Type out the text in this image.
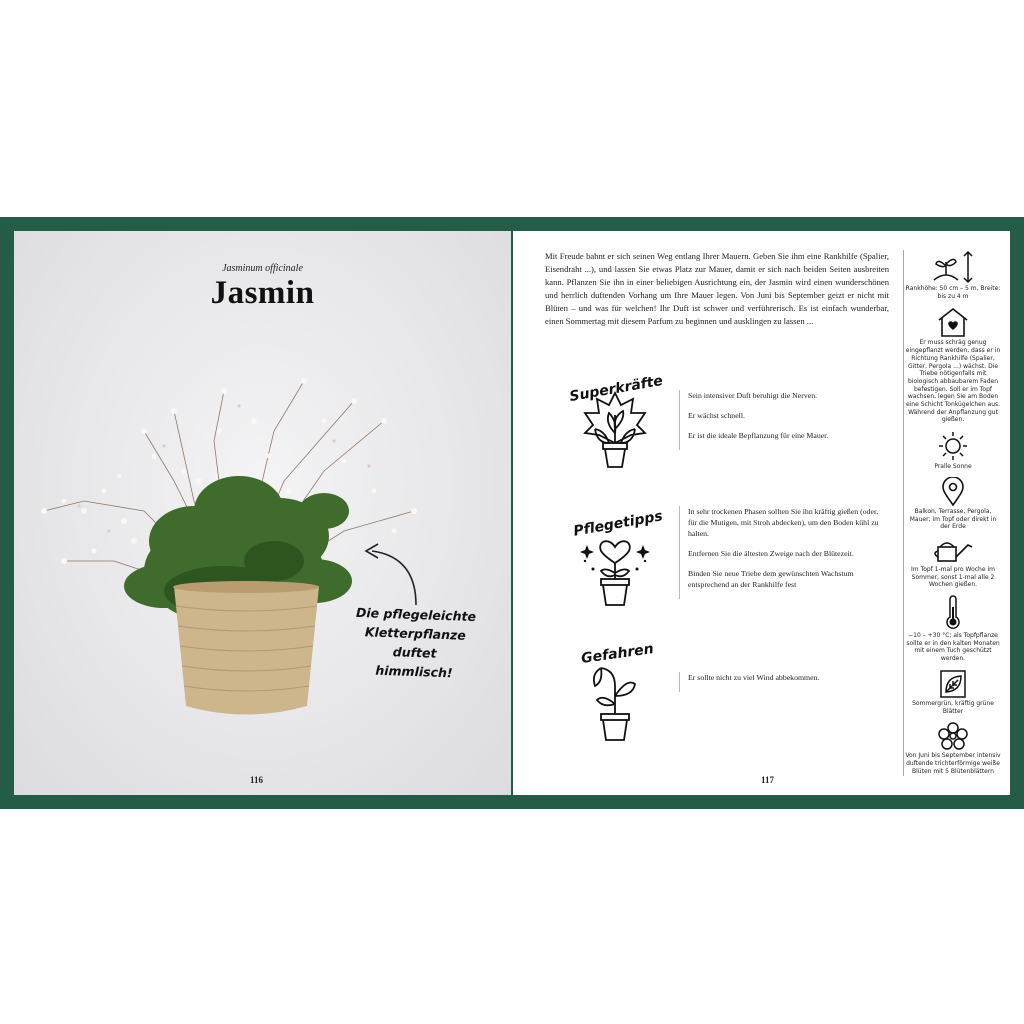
Jasminum officinale
Jasmin
Die pflegeleichte
Kletterpflanze duftet
himmlisch!
116
Mit Freude bahnt er sich seinen Weg entlang Ihrer Mauern. Geben Sie ihm eine Rankhilfe (Spalier, Eisendraht ...), und lassen Sie etwas Platz zur Mauer, damit er sich nach beiden Seiten ausbreiten kann. Pflanzen Sie ihn in einer beliebigen Ausrichtung ein, der Jasmin wird einen wunderschönen und herrlich duftenden Vorhang um Ihre Mauer legen. Von Juni bis September geizt er nicht mit Blüten – und was für welchen! Ihr Duft ist schwer und verführerisch. Es ist einfach wunderbar, einen Sommertag mit diesem Parfum zu beginnen und ausklingen zu lassen ...
Superkräfte	Sein intensiver Duft beruhigt die Nerven.

Er wächst schnell.

Er ist die ideale Bepflanzung für eine Mauer.

Pflegetipps	In sehr trockenen Phasen sollten Sie ihn kräftig gießen (oder, für die Mutigen, mit Stroh abdecken), um den Boden kühl zu halten.

Entfernen Sie die ältesten Zweige nach der Blütezeit.

Binden Sie neue Triebe dem gewünschten Wachstum entsprechend an der Rankhilfe fest

Gefahren

Er sollte nicht zu viel Wind abbekommen.

117
Rankhöhe: 50 cm – 5 m, Breite: bis zu 4 m
Er muss schräg genug eingepflanzt werden, dass er in Richtung Rankhilfe (Spalier, Gitter, Pergola ...) wächst. Die Triebe nötigenfalls mit biologisch abbaubarem Faden befestigen. Soll er im Topf wachsen, legen Sie am Boden eine Schicht Tonkügelchen aus. Während der Anpflanzung gut gießen.
Pralle Sonne
Balkon, Terrasse, Pergola, Mauer; im Topf oder direkt in der Erde
Im Topf 1-mal pro Woche im Sommer, sonst 1-mal alle 2 Wochen gießen.
−10 – +30 °C; als Topfpflanze sollte er in den kalten Monaten mit einem Tuch geschützt werden.
Sommergrün, kräftig grüne Blätter
Von Juni bis September intensiv duftende trichterförmige weiße Blüten mit 5 Blütenblättern
